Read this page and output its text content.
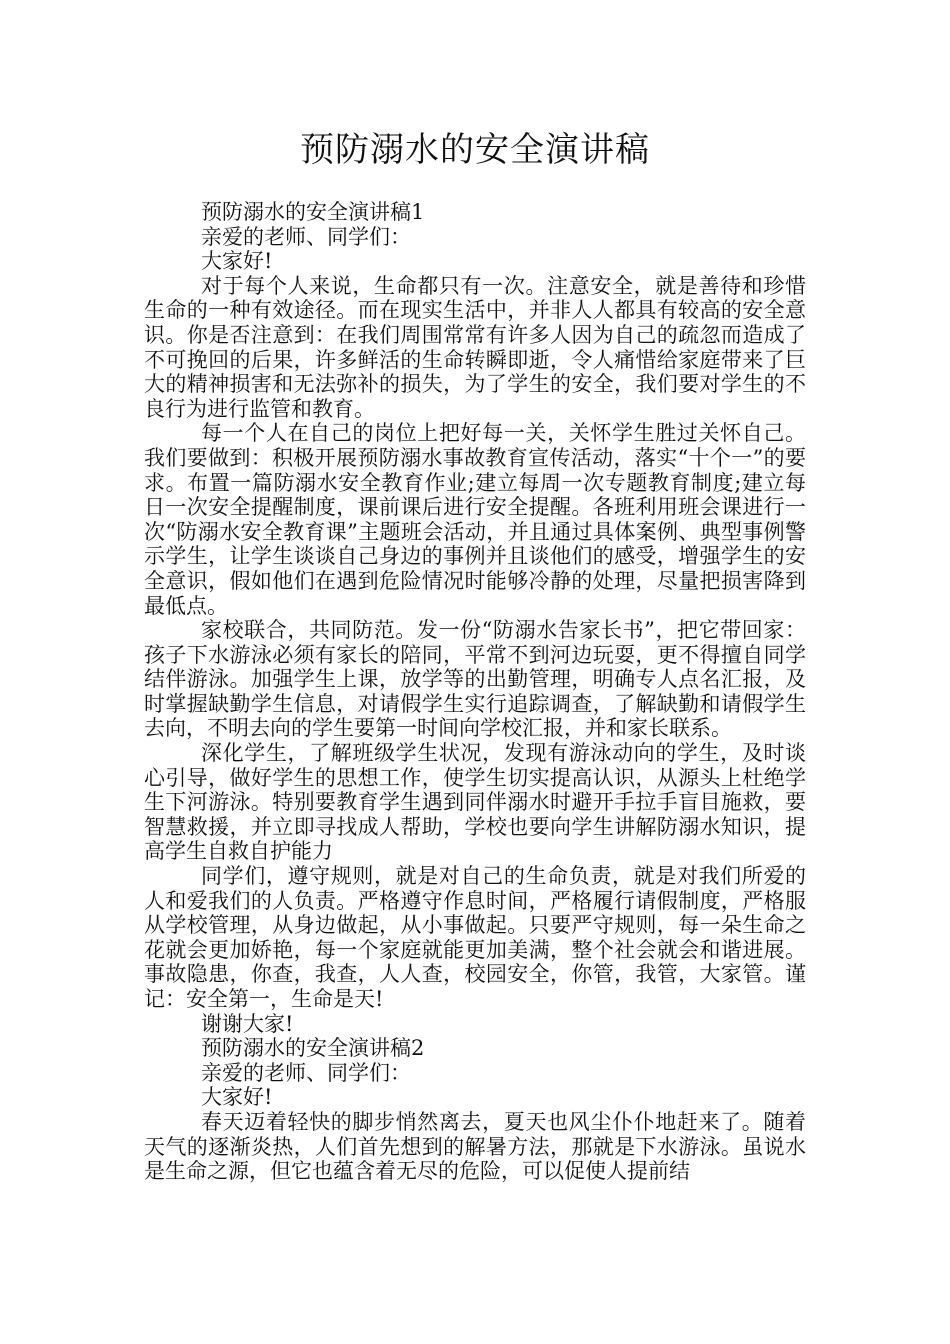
预防溺水的安全演讲稿

预防溺水的安全演讲稿1

亲爱的老师、同学们：

大家好!

对于每个人来说，生命都只有一次。注意安全，就是善待和珍惜生命的一种有效途径。而在现实生活中，并非人人都具有较高的安全意识。你是否注意到：在我们周围常常有许多人因为自己的疏忽而造成了不可挽回的后果，许多鲜活的生命转瞬即逝，令人痛惜给家庭带来了巨大的精神损害和无法弥补的损失，为了学生的安全，我们要对学生的不良行为进行监管和教育。

每一个人在自己的岗位上把好每一关，关怀学生胜过关怀自己。我们要做到：积极开展预防溺水事故教育宣传活动，落实“十个一”的要求。布置一篇防溺水安全教育作业;建立每周一次专题教育制度;建立每日一次安全提醒制度，课前课后进行安全提醒。各班利用班会课进行一次“防溺水安全教育课”主题班会活动，并且通过具体案例、典型事例警示学生，让学生谈谈自己身边的事例并且谈他们的感受，增强学生的安全意识，假如他们在遇到危险情况时能够冷静的处理，尽量把损害降到最低点。

家校联合，共同防范。发一份“防溺水告家长书”，把它带回家：孩子下水游泳必须有家长的陪同，平常不到河边玩耍，更不得擅自同学结伴游泳。加强学生上课，放学等的出勤管理，明确专人点名汇报，及时掌握缺勤学生信息，对请假学生实行追踪调查，了解缺勤和请假学生去向，不明去向的学生要第一时间向学校汇报，并和家长联系。

深化学生，了解班级学生状况，发现有游泳动向的学生，及时谈心引导，做好学生的思想工作，使学生切实提高认识，从源头上杜绝学生下河游泳。特别要教育学生遇到同伴溺水时避开手拉手盲目施救，要智慧救援，并立即寻找成人帮助，学校也要向学生讲解防溺水知识，提高学生自救自护能力

同学们，遵守规则，就是对自己的生命负责，就是对我们所爱的人和爱我们的人负责。严格遵守作息时间，严格履行请假制度，严格服从学校管理，从身边做起，从小事做起。只要严守规则，每一朵生命之花就会更加娇艳，每一个家庭就能更加美满，整个社会就会和谐进展。事故隐患，你查，我查，人人查，校园安全，你管，我管，大家管。谨记：安全第一，生命是天!

谢谢大家!

预防溺水的安全演讲稿2

亲爱的老师、同学们：

大家好!

春天迈着轻快的脚步悄然离去，夏天也风尘仆仆地赶来了。随着天气的逐渐炎热，人们首先想到的解暑方法，那就是下水游泳。虽说水是生命之源，但它也蕴含着无尽的危险，可以促使人提前结
